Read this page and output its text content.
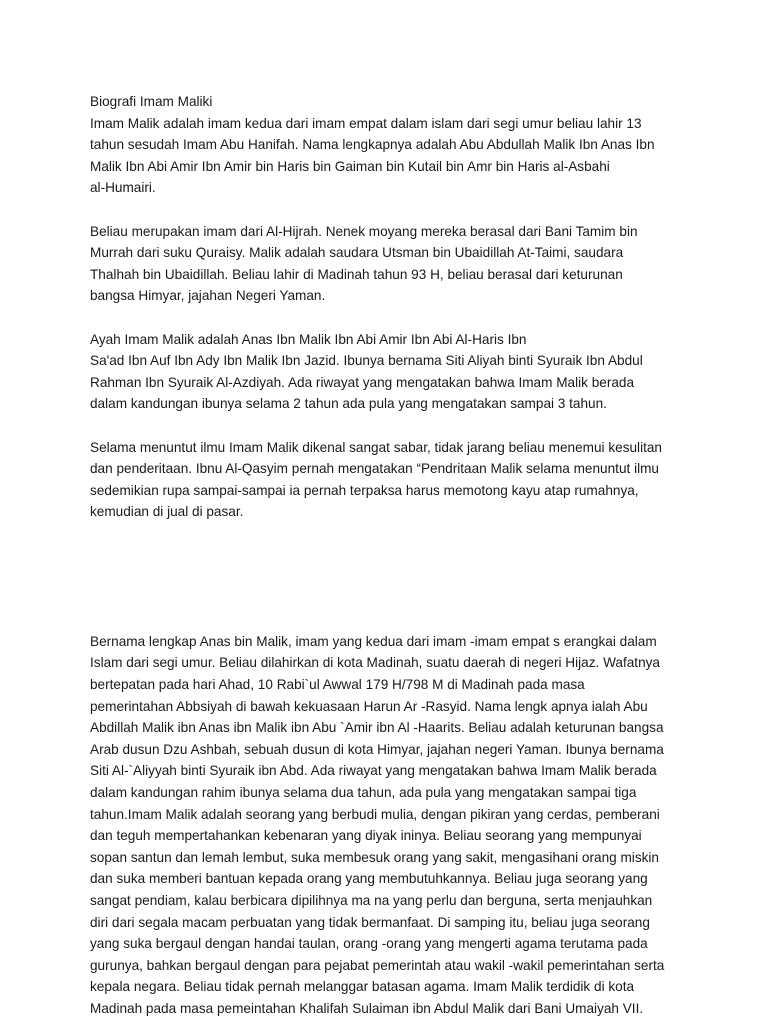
Biografi Imam Maliki
Imam Malik adalah imam kedua dari imam empat dalam islam dari segi umur beliau lahir 13
tahun sesudah Imam Abu Hanifah. Nama lengkapnya adalah Abu Abdullah Malik Ibn Anas Ibn
Malik Ibn Abi Amir Ibn Amir bin Haris bin Gaiman bin Kutail bin Amr bin Haris al-Asbahi
al-Humairi.
Beliau merupakan imam dari Al-Hijrah. Nenek moyang mereka berasal dari Bani Tamim bin
Murrah dari suku Quraisy. Malik adalah saudara Utsman bin Ubaidillah At-Taimi, saudara
Thalhah bin Ubaidillah. Beliau lahir di Madinah tahun 93 H, beliau berasal dari keturunan
bangsa Himyar, jajahan Negeri Yaman.
Ayah Imam Malik adalah Anas Ibn Malik Ibn Abi Amir Ibn Abi Al-Haris Ibn
Sa'ad Ibn Auf Ibn Ady Ibn Malik Ibn Jazid. Ibunya bernama Siti Aliyah binti Syuraik Ibn Abdul
Rahman Ibn Syuraik Al-Azdiyah. Ada riwayat yang mengatakan bahwa Imam Malik berada
dalam kandungan ibunya selama 2 tahun ada pula yang mengatakan sampai 3 tahun.
Selama menuntut ilmu Imam Malik dikenal sangat sabar, tidak jarang beliau menemui kesulitan
dan penderitaan. Ibnu Al-Qasyim pernah mengatakan “Pendritaan Malik selama menuntut ilmu
sedemikian rupa sampai-sampai ia pernah terpaksa harus memotong kayu atap rumahnya,
kemudian di jual di pasar.
Bernama lengkap Anas bin Malik, imam yang kedua dari imam -imam empat s erangkai dalam
Islam dari segi umur. Beliau dilahirkan di kota Madinah, suatu daerah di negeri Hijaz. Wafatnya
bertepatan pada hari Ahad, 10 Rabi`ul Awwal 179 H/798 M di Madinah pada masa
pemerintahan Abbsiyah di bawah kekuasaan Harun Ar -Rasyid. Nama lengk apnya ialah Abu
Abdillah Malik ibn Anas ibn Malik ibn Abu `Amir ibn Al -Haarits. Beliau adalah keturunan bangsa
Arab dusun Dzu Ashbah, sebuah dusun di kota Himyar, jajahan negeri Yaman. Ibunya bernama
Siti Al-`Aliyyah binti Syuraik ibn Abd. Ada riwayat yang mengatakan bahwa Imam Malik berada
dalam kandungan rahim ibunya selama dua tahun, ada pula yang mengatakan sampai tiga
tahun.Imam Malik adalah seorang yang berbudi mulia, dengan pikiran yang cerdas, pemberani
dan teguh mempertahankan kebenaran yang diyak ininya. Beliau seorang yang mempunyai
sopan santun dan lemah lembut, suka membesuk orang yang sakit, mengasihani orang miskin
dan suka memberi bantuan kepada orang yang membutuhkannya. Beliau juga seorang yang
sangat pendiam, kalau berbicara dipilihnya ma na yang perlu dan berguna, serta menjauhkan
diri dari segala macam perbuatan yang tidak bermanfaat. Di samping itu, beliau juga seorang
yang suka bergaul dengan handai taulan, orang -orang yang mengerti agama terutama pada
gurunya, bahkan bergaul dengan para pejabat pemerintah atau wakil -wakil pemerintahan serta
kepala negara. Beliau tidak pernah melanggar batasan agama. Imam Malik terdidik di kota
Madinah pada masa pemeintahan Khalifah Sulaiman ibn Abdul Malik dari Bani Umaiyah VII.
